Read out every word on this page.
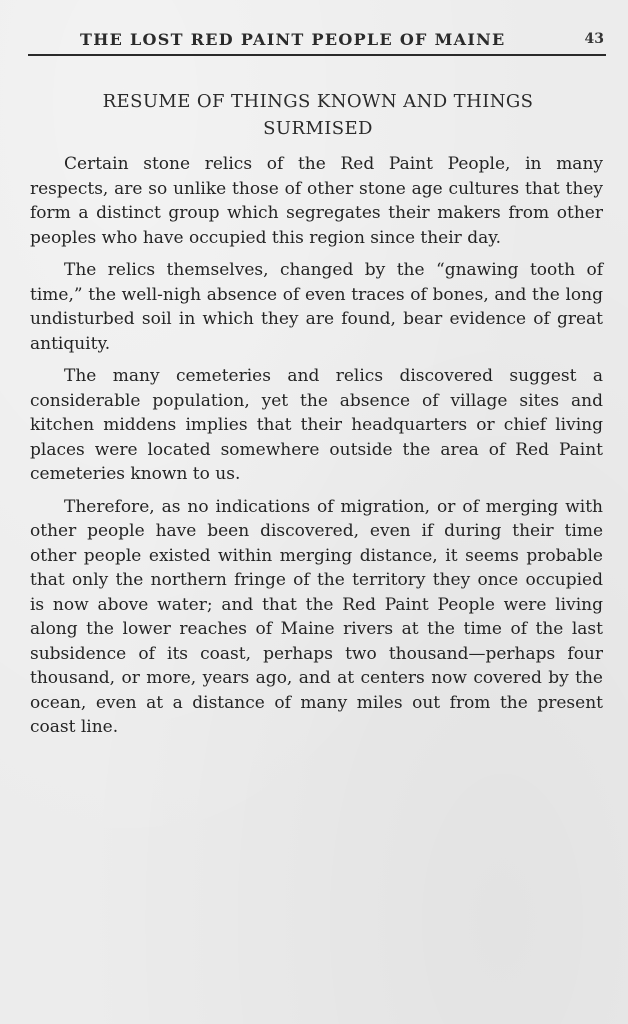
THE LOST RED PAINT PEOPLE OF MAINE	43
RESUME OF THINGS KNOWN AND THINGS
SURMISED

Certain stone relics of the Red Paint People, in many respects, are so unlike those of other stone age cultures that they form a distinct group which segregates their makers from other peoples who have occupied this region since their day.

The relics themselves, changed by the “gnawing tooth of time,” the well-nigh absence of even traces of bones, and the long undisturbed soil in which they are found, bear evidence of great antiquity.

The many cemeteries and relics discovered suggest a considerable population, yet the absence of village sites and kitchen middens implies that their headquarters or chief living places were located somewhere outside the area of Red Paint cemeteries known to us.

Therefore, as no indications of migration, or of merging with other people have been discovered, even if during their time other people existed within merging distance, it seems probable that only the northern fringe of the territory they once occupied is now above water; and that the Red Paint People were living along the lower reaches of Maine rivers at the time of the last subsidence of its coast, perhaps two thousand—perhaps four thousand, or more, years ago, and at centers now covered by the ocean, even at a distance of many miles out from the present coast line.
